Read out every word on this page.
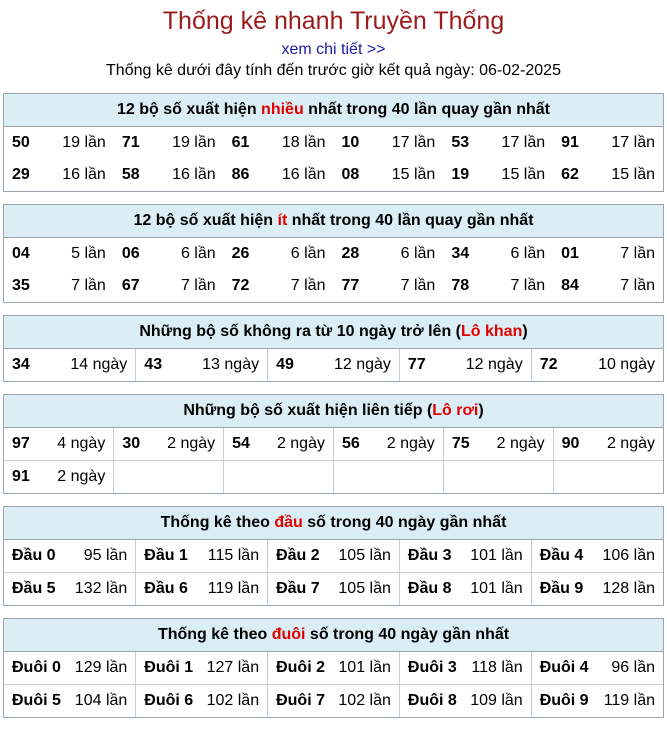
Thống kê nhanh Truyền Thống
xem chi tiết >>
Thống kê dưới đây tính đến trước giờ kết quả ngày: 06-02-2025
12 bộ số xuất hiện nhiều nhất trong 40 lần quay gần nhất
50 19 lần	71 19 lần	61 18 lần	10 17 lần	53 17 lần	91 17 lần

29 16 lần	58 16 lần	86 16 lần	08 15 lần	19 15 lần	62 15 lần
12 bộ số xuất hiện ít nhất trong 40 lần quay gần nhất
04 5 lần	06 6 lần	26 6 lần	28 6 lần	34 6 lần	01 7 lần

35 7 lần	67 7 lần	72 7 lần	77 7 lần	78 7 lần	84 7 lần
Những bộ số không ra từ 10 ngày trở lên (Lô khan)
34	14 ngày	43	13 ngày	49	12 ngày	77	12 ngày	72	10 ngày
Những bộ số xuất hiện liên tiếp (Lô rơi)
97 4 ngày	30 2 ngày	54 2 ngày	56 2 ngày	75 2 ngày	90 2 ngày

91 2 ngày					

Thống kê theo đầu số trong 40 ngày gần nhất
Đầu 0 95 lần	Đầu 1 115 lần	Đầu 2 105 lần	Đầu 3 101 lần	Đầu 4 106 lần

Đầu 5 132 lần	Đầu 6 119 lần	Đầu 7 105 lần	Đầu 8 101 lần	Đầu 9 128 lần
Thống kê theo đuôi số trong 40 ngày gần nhất
Đuôi 0 129 lần	Đuôi 1 127 lần	Đuôi 2 101 lần	Đuôi 3 118 lần	Đuôi 4 96 lần

Đuôi 5 104 lần	Đuôi 6 102 lần	Đuôi 7 102 lần	Đuôi 8 109 lần	Đuôi 9 119 lần
